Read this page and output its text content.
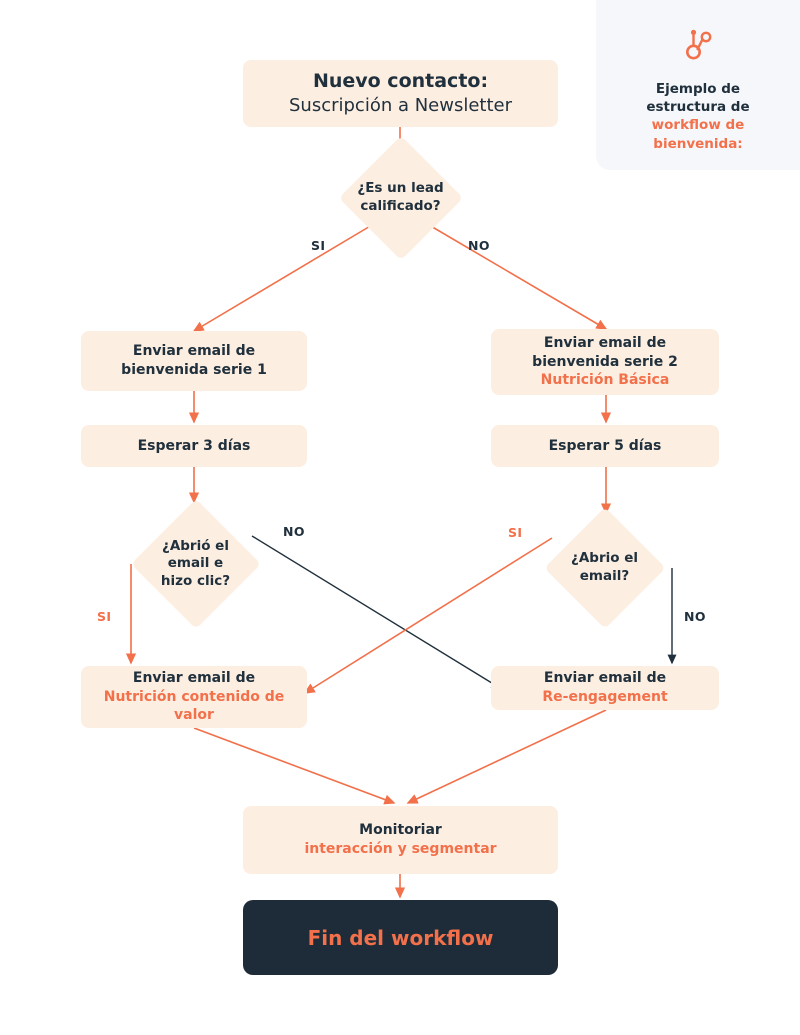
Ejemplo de
estructura de
workflow de
bienvenida:
Nuevo contacto:
Suscripción a Newsletter
¿Es un lead
calificado?
Enviar email de
bienvenida serie 1
Enviar email de
bienvenida serie 2
Nutrición Básica
Esperar 3 días	Esperar 5 días
¿Abrió el
email e
hizo clic?
¿Abrio el
email?
Enviar email de
Nutrición contenido de
valor
Enviar email de
Re-engagement
Monitoriar
interacción y segmentar
Fin del workflow
SI	NO
NO	SI
SI	NO
